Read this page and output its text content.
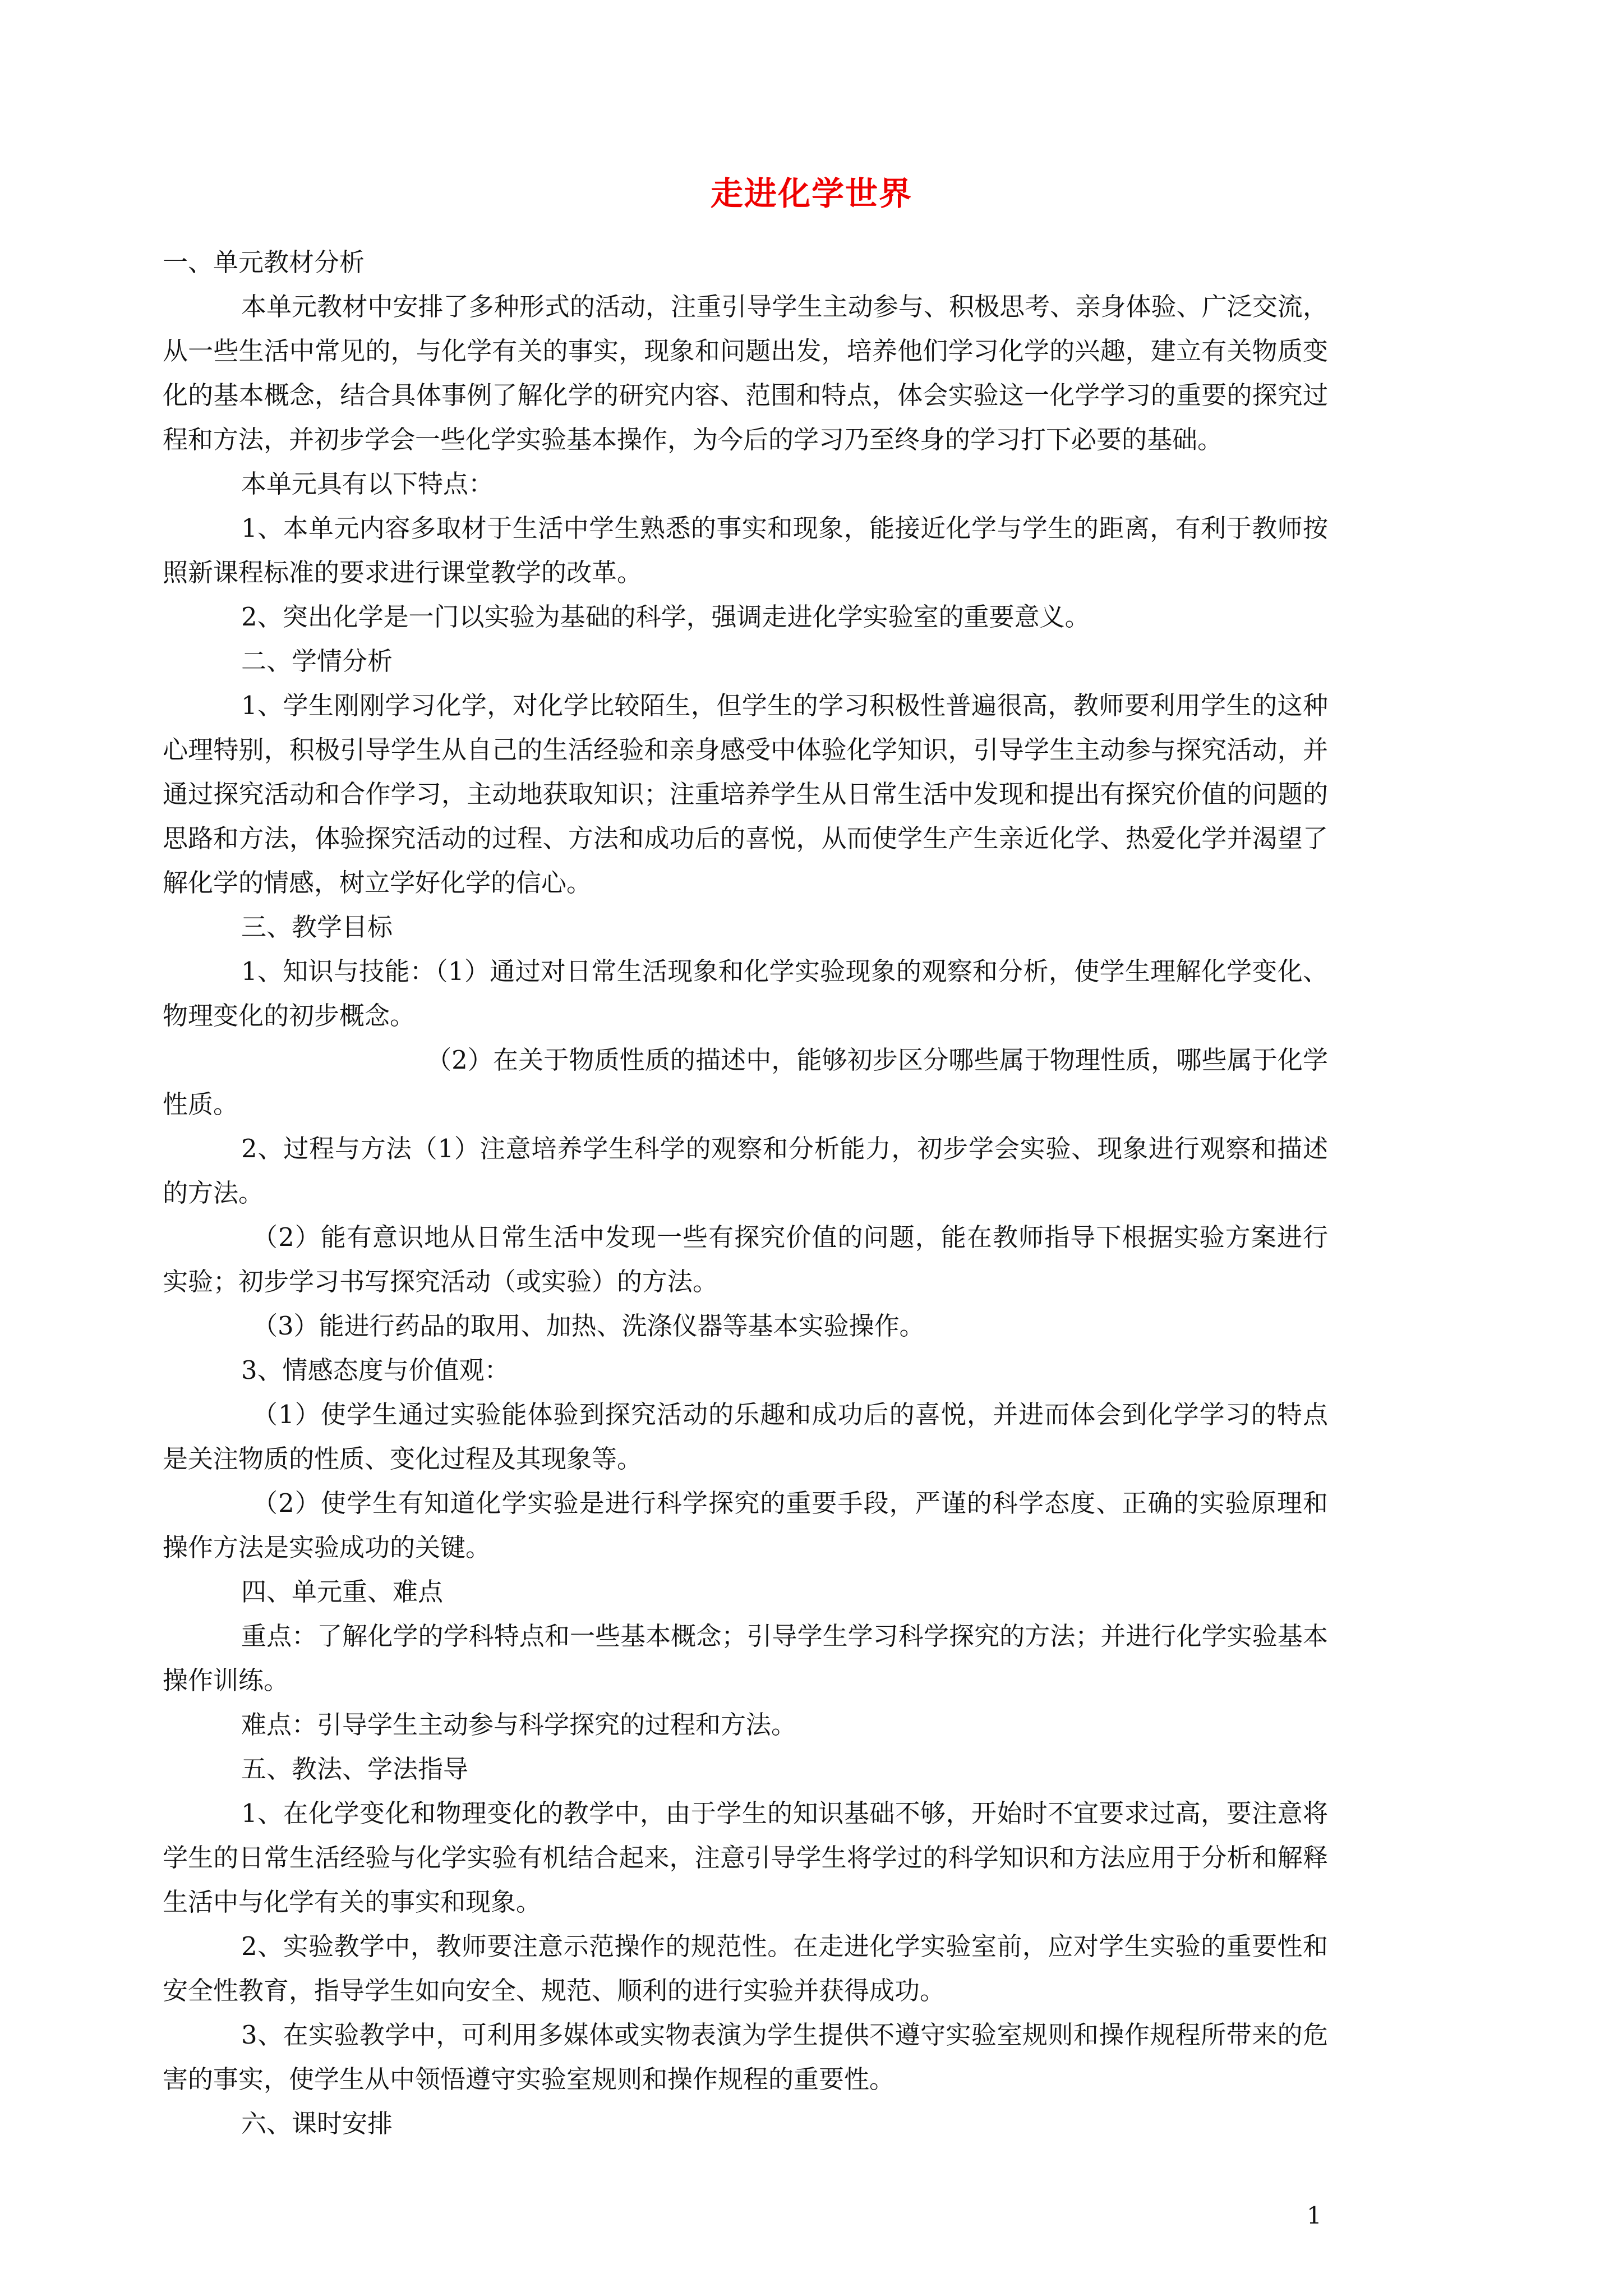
走进化学世界

一、单元教材分析

本单元教材中安排了多种形式的活动，注重引导学生主动参与、积极思考、亲身体验、广泛交流，从一些生活中常见的，与化学有关的事实，现象和问题出发，培养他们学习化学的兴趣，建立有关物质变化的基本概念，结合具体事例了解化学的研究内容、范围和特点，体会实验这一化学学习的重要的探究过程和方法，并初步学会一些化学实验基本操作，为今后的学习乃至终身的学习打下必要的基础。

本单元具有以下特点：

1、本单元内容多取材于生活中学生熟悉的事实和现象，能接近化学与学生的距离，有利于教师按照新课程标准的要求进行课堂教学的改革。

2、突出化学是一门以实验为基础的科学，强调走进化学实验室的重要意义。

二、学情分析

1、学生刚刚学习化学，对化学比较陌生，但学生的学习积极性普遍很高，教师要利用学生的这种心理特别，积极引导学生从自己的生活经验和亲身感受中体验化学知识，引导学生主动参与探究活动，并通过探究活动和合作学习，主动地获取知识；注重培养学生从日常生活中发现和提出有探究价值的问题的思路和方法，体验探究活动的过程、方法和成功后的喜悦，从而使学生产生亲近化学、热爱化学并渴望了解化学的情感，树立学好化学的信心。

三、教学目标

1、知识与技能：（1）通过对日常生活现象和化学实验现象的观察和分析，使学生理解化学变化、物理变化的初步概念。

（2）在关于物质性质的描述中，能够初步区分哪些属于物理性质，哪些属于化学性质。

2、过程与方法（1）注意培养学生科学的观察和分析能力，初步学会实验、现象进行观察和描述的方法。

（2）能有意识地从日常生活中发现一些有探究价值的问题，能在教师指导下根据实验方案进行实验；初步学习书写探究活动（或实验）的方法。

（3）能进行药品的取用、加热、洗涤仪器等基本实验操作。

3、情感态度与价值观：

（1）使学生通过实验能体验到探究活动的乐趣和成功后的喜悦，并进而体会到化学学习的特点是关注物质的性质、变化过程及其现象等。

（2）使学生有知道化学实验是进行科学探究的重要手段，严谨的科学态度、正确的实验原理和操作方法是实验成功的关键。

四、单元重、难点

重点：了解化学的学科特点和一些基本概念；引导学生学习科学探究的方法；并进行化学实验基本操作训练。

难点：引导学生主动参与科学探究的过程和方法。

五、教法、学法指导

1、在化学变化和物理变化的教学中，由于学生的知识基础不够，开始时不宜要求过高，要注意将学生的日常生活经验与化学实验有机结合起来，注意引导学生将学过的科学知识和方法应用于分析和解释生活中与化学有关的事实和现象。

2、实验教学中，教师要注意示范操作的规范性。在走进化学实验室前，应对学生实验的重要性和安全性教育，指导学生如向安全、规范、顺利的进行实验并获得成功。

3、在实验教学中，可利用多媒体或实物表演为学生提供不遵守实验室规则和操作规程所带来的危害的事实，使学生从中领悟遵守实验室规则和操作规程的重要性。

六、课时安排

1
